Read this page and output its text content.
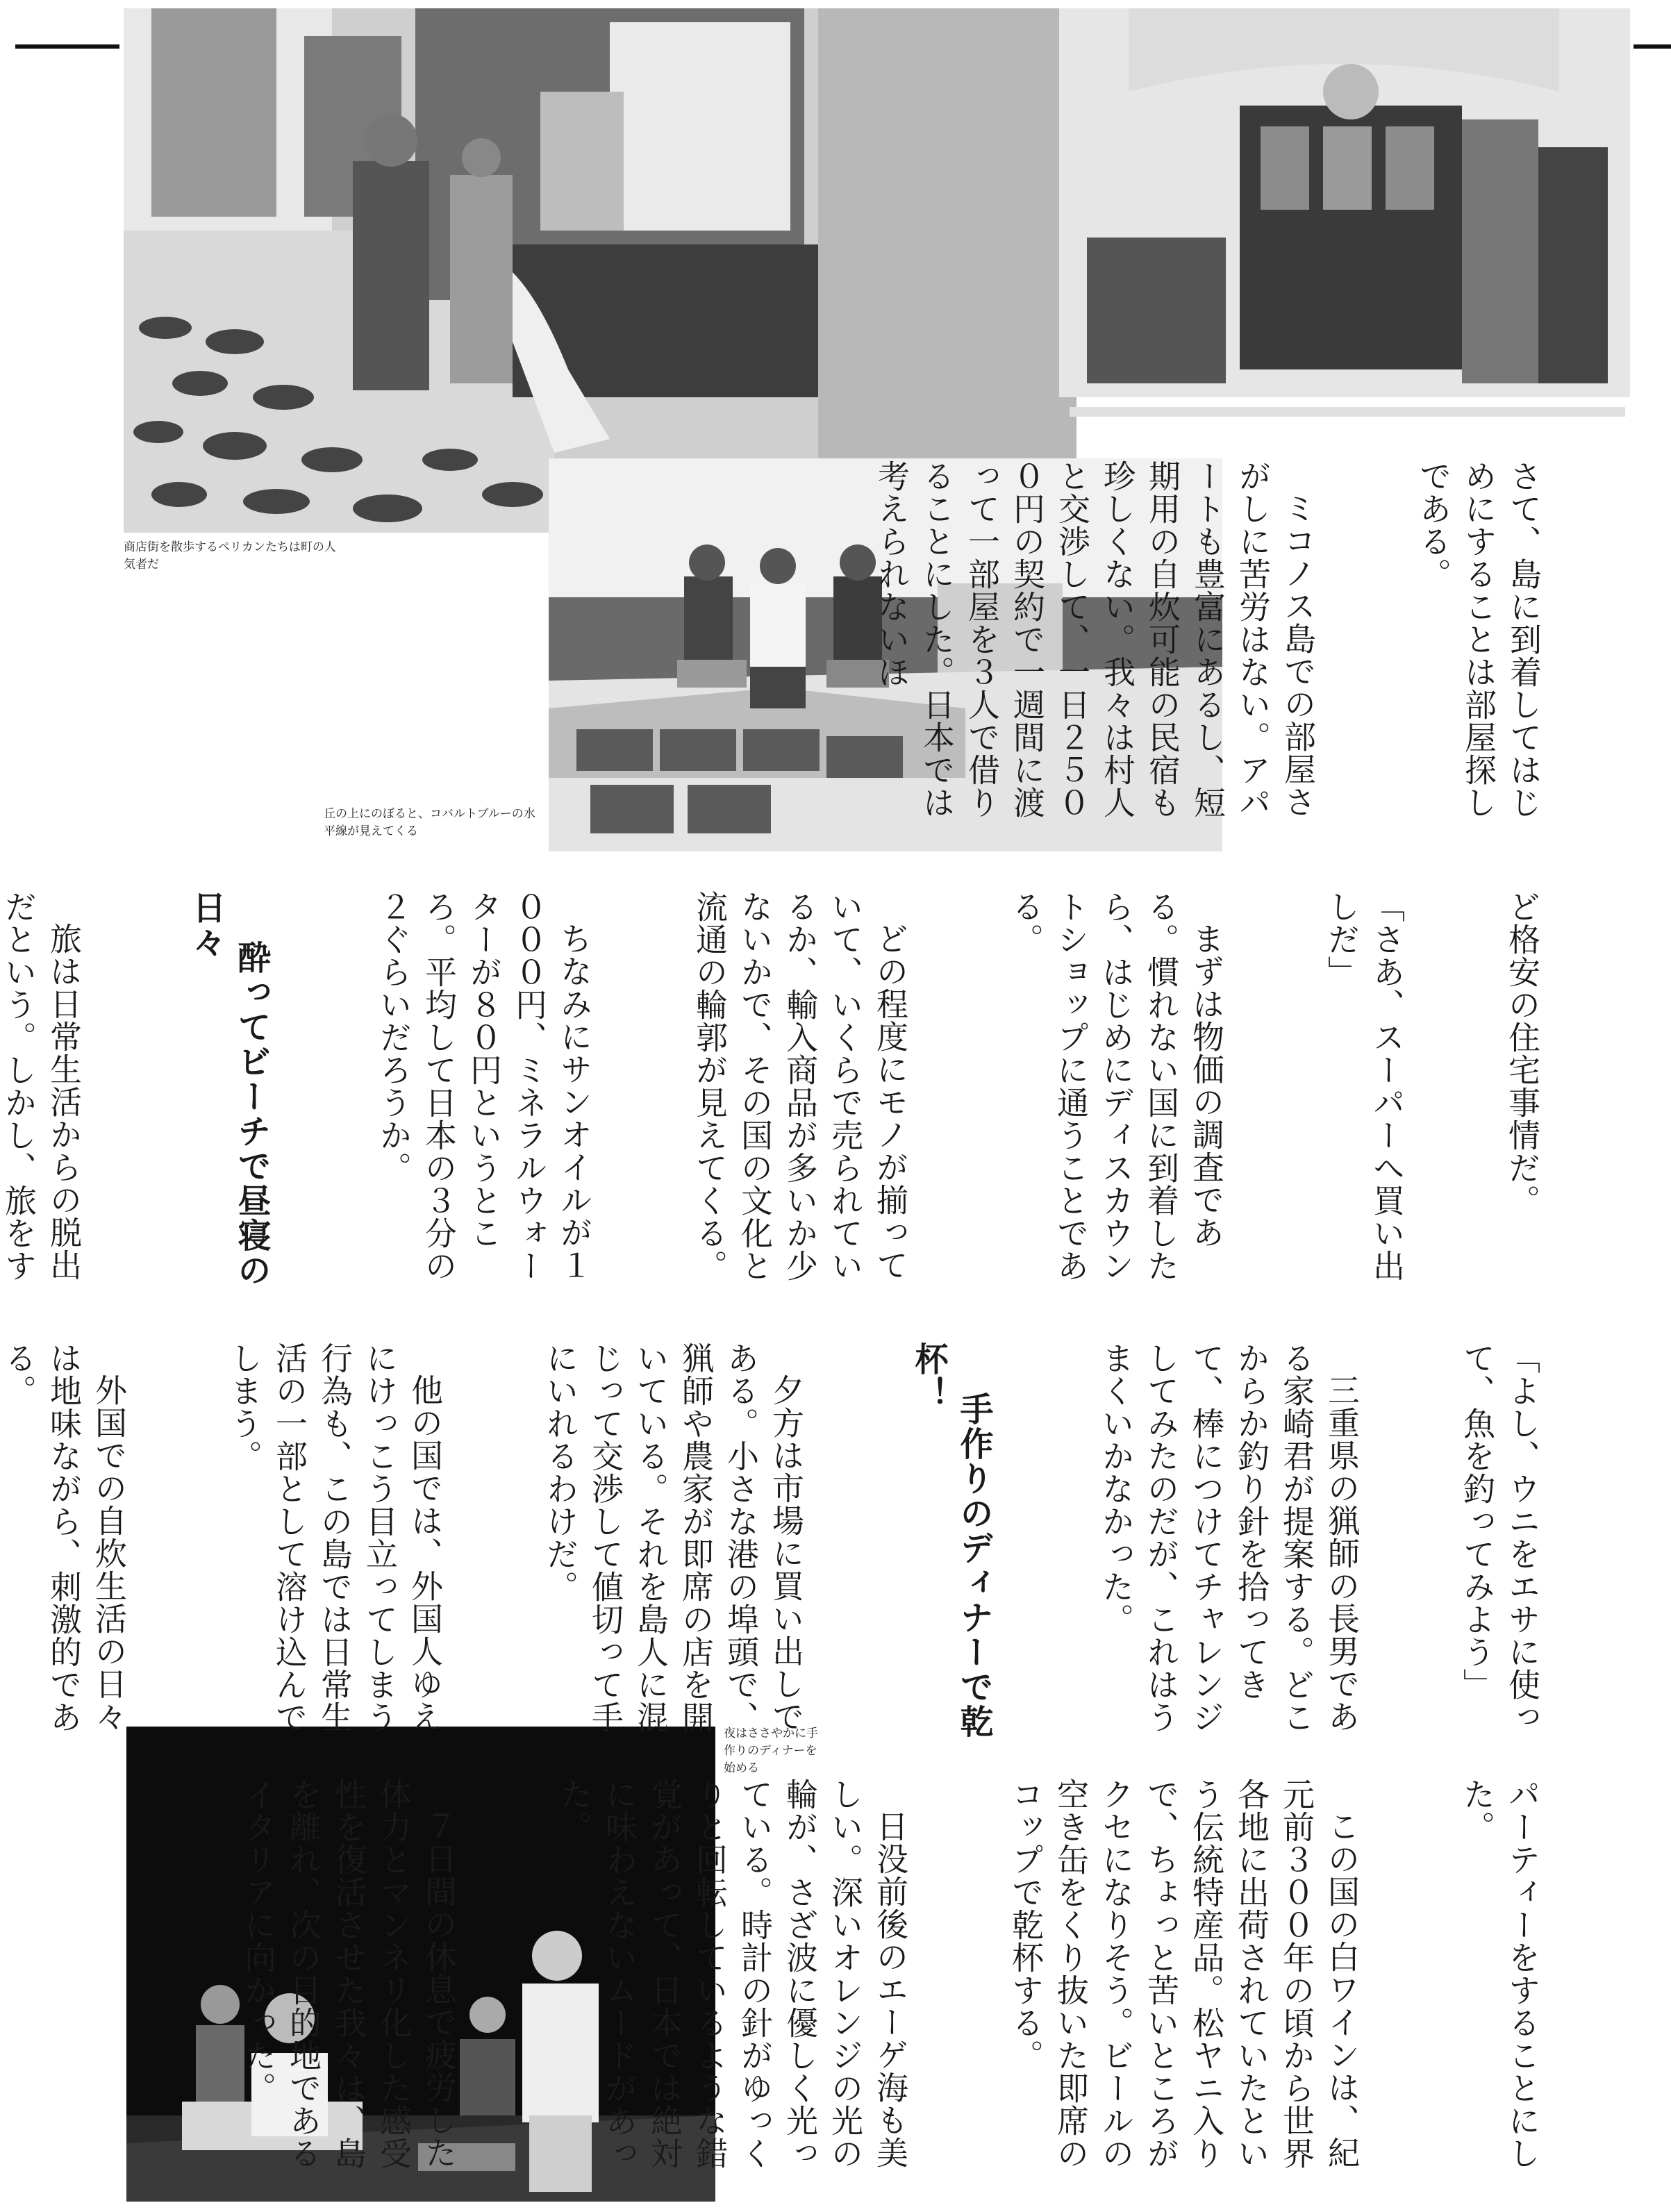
商店街を散歩するペリカンたちは町の人気者だ
丘の上にのぼると、コバルトブルーの水平線が見えてくる
夜はささやかに手作りのディナーを始める

さて、島に到着してはじめにすることは部屋探しである。

ミコノス島での部屋さがしに苦労はない。アパートも豊富にあるし、短期用の自炊可能の民宿も珍しくない。我々は村人と交渉して、一日２５００円の契約で一週間に渡って一部屋を３人で借りることにした。日本では考えられないほ

ど格安の住宅事情だ。

「さあ、スーパーへ買い出しだ」

まずは物価の調査である。慣れない国に到着したら、はじめにディスカウントショップに通うことである。

どの程度にモノが揃っていて、いくらで売られているか、輸入商品が多いか少ないかで、その国の文化と流通の輪郭が見えてくる。

ちなみにサンオイルが１０００円、ミネラルウォーターが８０円というところ。平均して日本の３分の２ぐらいだろうか。

酔ってビーチで昼寝の日々

旅は日常生活からの脱出だという。しかし、旅をす

「よし、ウニをエサに使って、魚を釣ってみよう」

三重県の猟師の長男である家崎君が提案する。どこからか釣り針を拾ってきて、棒につけてチャレンジしてみたのだが、これはうまくいかなかった。

手作りのディナーで乾杯！

夕方は市場に買い出しである。小さな港の埠頭で、猟師や農家が即席の店を開いている。それを島人に混じって交渉して値切って手にいれるわけだ。

他の国では、外国人ゆえにけっこう目立ってしまう行為も、この島では日常生活の一部として溶け込んでしまう。

外国での自炊生活の日々は地味ながら、刺激的である。

パーティーをすることにした。

この国の白ワインは、紀元前３００年の頃から世界各地に出荷されていたという伝統特産品。松ヤニ入りで、ちょっと苦いところがクセになりそう。ビールの空き缶をくり抜いた即席のコップで乾杯する。

日没前後のエーゲ海も美しい。深いオレンジの光の輪が、さざ波に優しく光っている。時計の針がゆっくりと回転しているような錯覚があって、日本では絶対に味わえないムードがあった。

７日間の休息で疲労した体力とマンネリ化した感受性を復活させた我々は、島を離れ、次の目的地であるイタリアに向かった。
